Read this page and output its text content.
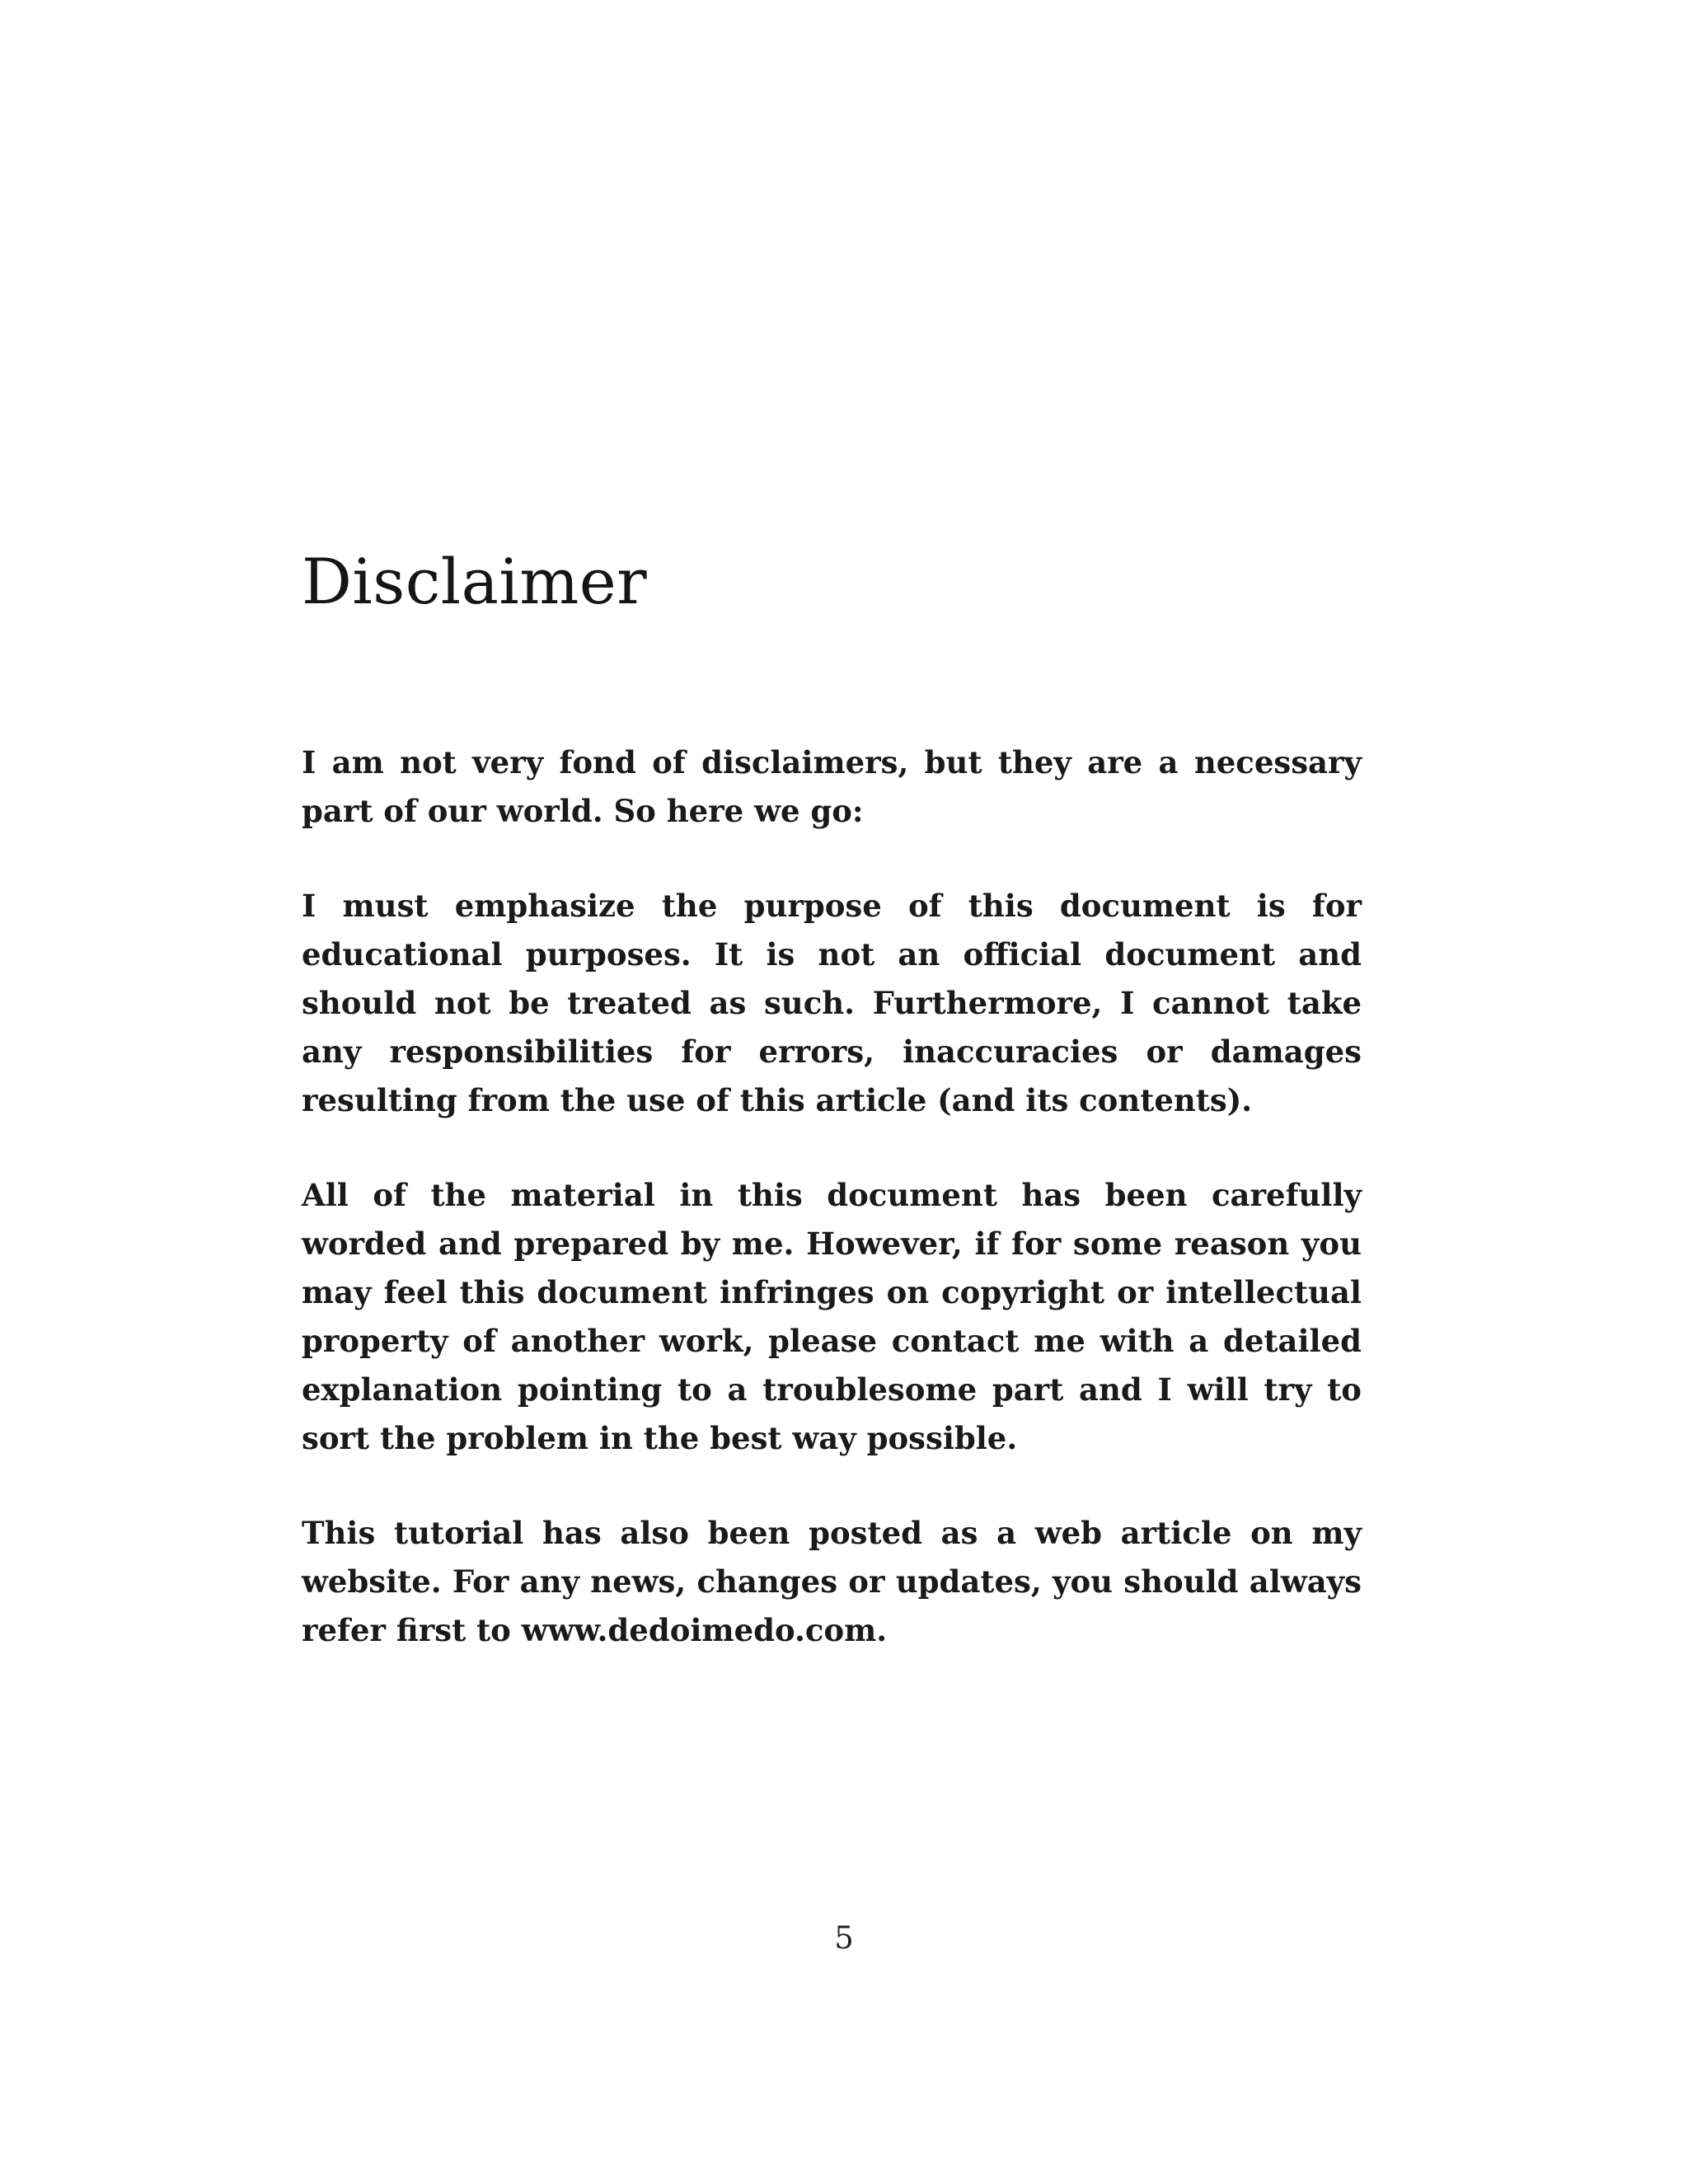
Disclaimer

I am not very fond of disclaimers, but they are a necessary part of our world. So here we go:

I must emphasize the purpose of this document is for educational purposes. It is not an official document and should not be treated as such. Furthermore, I cannot take any responsibilities for errors, inaccuracies or damages resulting from the use of this article (and its contents).

All of the material in this document has been carefully worded and prepared by me. However, if for some reason you may feel this document infringes on copyright or intellectual property of another work, please contact me with a detailed explanation pointing to a troublesome part and I will try to sort the problem in the best way possible.

This tutorial has also been posted as a web article on my website. For any news, changes or updates, you should always refer first to www.dedoimedo.com.

5
